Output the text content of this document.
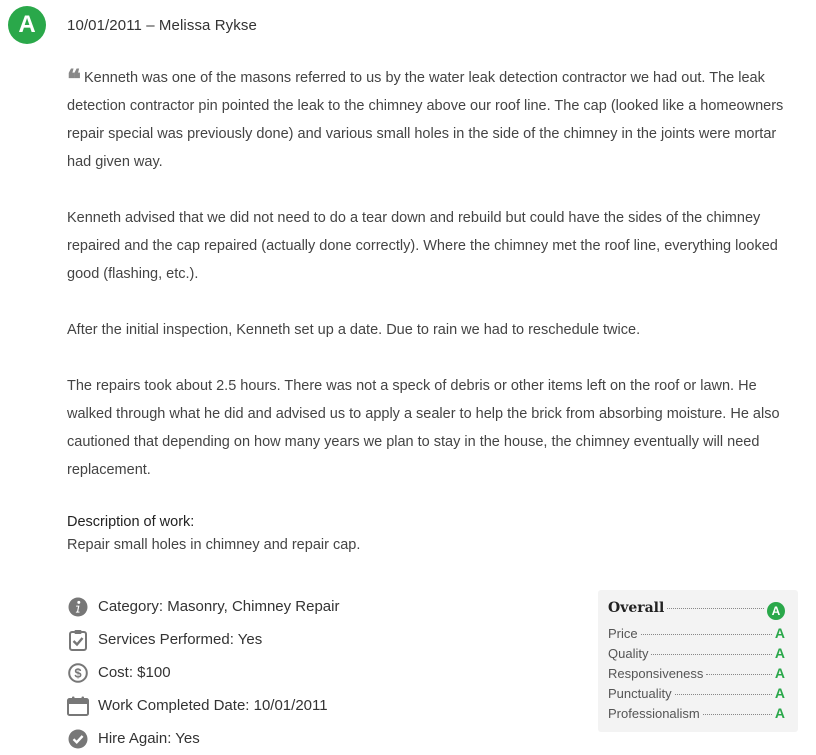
A	10/01/2011 – Melissa Rykse

❝ Kenneth was one of the masons referred to us by the water leak detection contractor we had out. The leak detection contractor pin pointed the leak to the chimney above our roof line. The cap (looked like a homeowners repair special was previously done) and various small holes in the side of the chimney in the joints were mortar had given way.

Kenneth advised that we did not need to do a tear down and rebuild but could have the sides of the chimney repaired and the cap repaired (actually done correctly). Where the chimney met the roof line, everything looked good (flashing, etc.).

After the initial inspection, Kenneth set up a date. Due to rain we had to reschedule twice.

The repairs took about 2.5 hours. There was not a speck of debris or other items left on the roof or lawn. He walked through what he did and advised us to apply a sealer to help the brick from absorbing moisture. He also cautioned that depending on how many years we plan to stay in the house, the chimney eventually will need replacement.

Description of work:
Repair small holes in chimney and repair cap.
Category: Masonry, Chimney Repair
Services Performed: Yes
$ Cost: $100
Work Completed Date: 10/01/2011
Hire Again: Yes
Overall	A
Price	A
Quality	A
Responsiveness	A
Punctuality	A
Professionalism	A
